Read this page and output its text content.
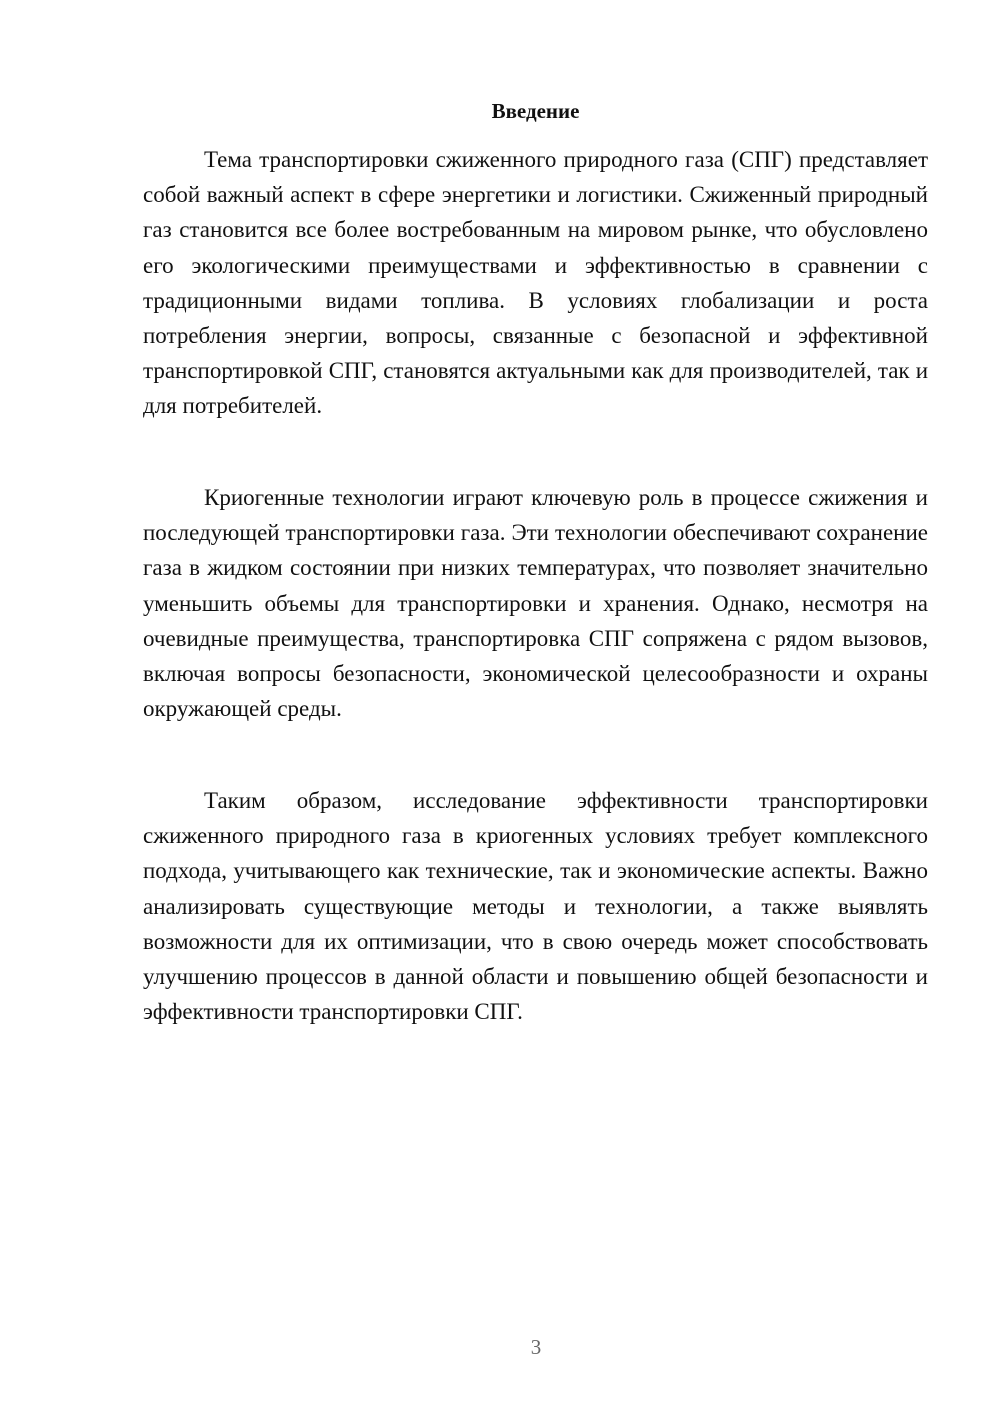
Введение

Тема транспортировки сжиженного природного газа (СПГ) представляет собой важный аспект в сфере энергетики и логистики. Сжиженный природный газ становится все более востребованным на мировом рынке, что обусловлено его экологическими преимуществами и эффективностью в сравнении с традиционными видами топлива. В условиях глобализации и роста потребления энергии, вопросы, связанные с безопасной и эффективной транспортировкой СПГ, становятся актуальными как для производителей, так и для потребителей.

Криогенные технологии играют ключевую роль в процессе сжижения и последующей транспортировки газа. Эти технологии обеспечивают сохранение газа в жидком состоянии при низких температурах, что позволяет значительно уменьшить объемы для транспортировки и хранения. Однако, несмотря на очевидные преимущества, транспортировка СПГ сопряжена с рядом вызовов, включая вопросы безопасности, экономической целесообразности и охраны окружающей среды.

Таким образом, исследование эффективности транспортировки сжиженного природного газа в криогенных условиях требует комплексного подхода, учитывающего как технические, так и экономические аспекты. Важно анализировать существующие методы и технологии, а также выявлять возможности для их оптимизации, что в свою очередь может способствовать улучшению процессов в данной области и повышению общей безопасности и эффективности транспортировки СПГ.

3
